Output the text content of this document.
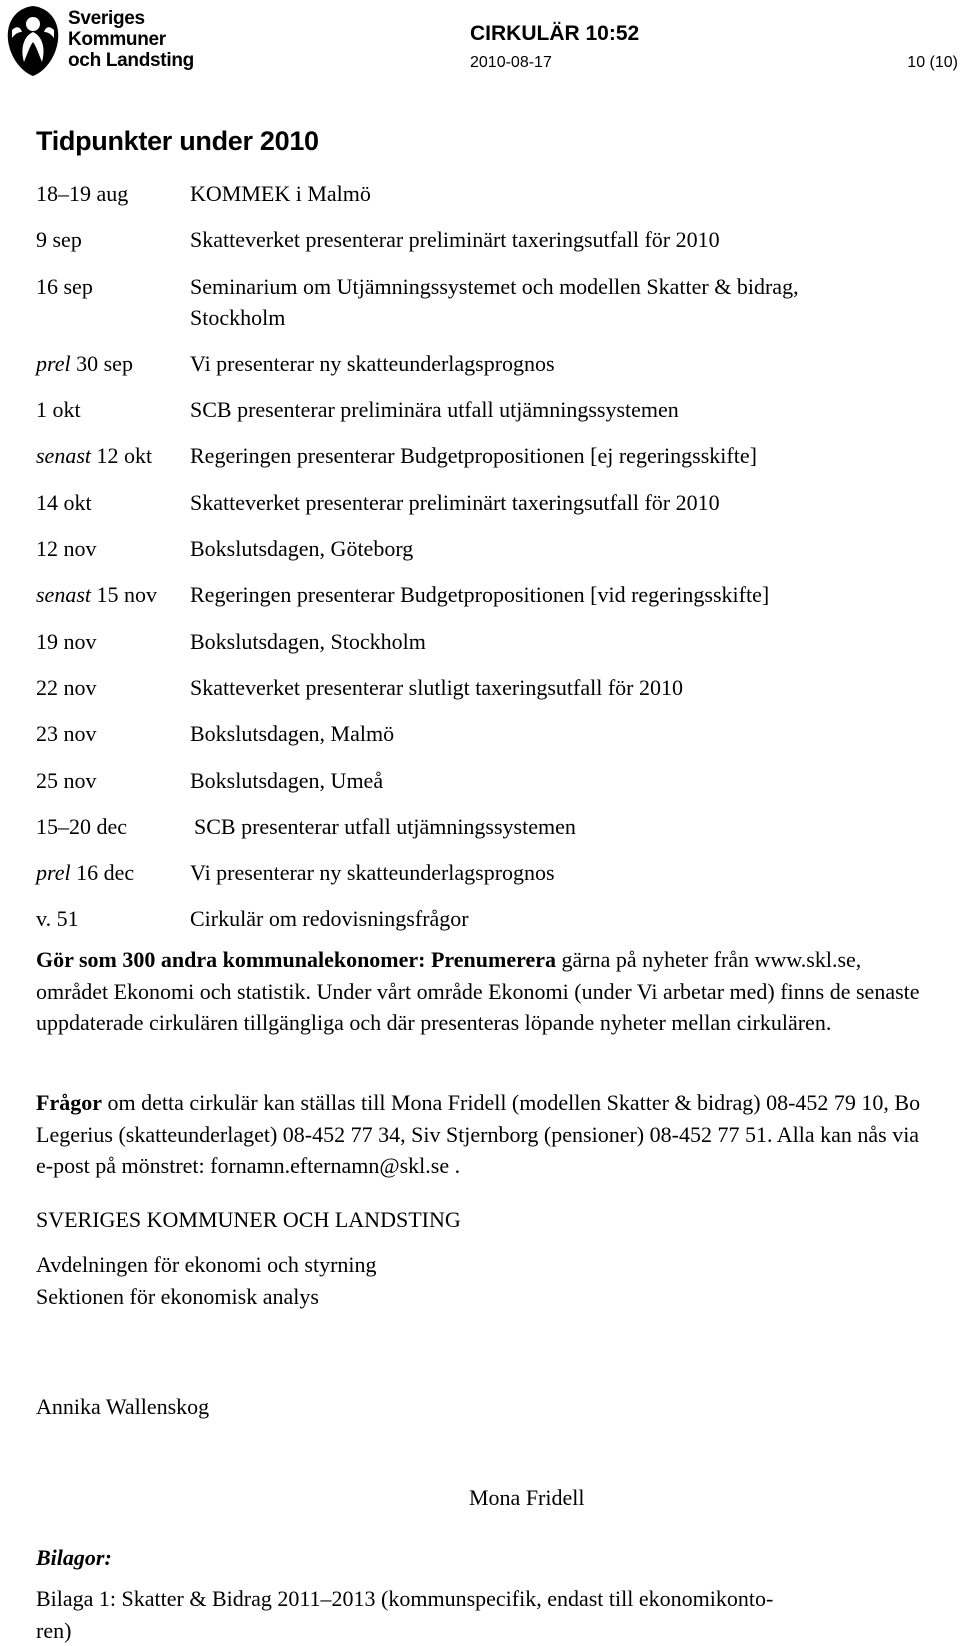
Sveriges
Kommuner
och Landsting
CIRKULÄR 10:52
2010-08-17	10 (10)
Tidpunkter under 2010
18–19 aug	KOMMEK i Malmö
9 sep	Skatteverket presenterar preliminärt taxeringsutfall för 2010
16 sep	Seminarium om Utjämningssystemet och modellen Skatter & bidrag,
Stockholm
prel 30 sep	Vi presenterar ny skatteunderlagsprognos
1 okt	SCB presenterar preliminära utfall utjämningssystemen
senast 12 okt Regeringen presenterar Budgetpropositionen [ej regeringsskifte]
14 okt	Skatteverket presenterar preliminärt taxeringsutfall för 2010
12 nov	Bokslutsdagen, Göteborg
senast 15 nov Regeringen presenterar Budgetpropositionen [vid regeringsskifte]
19 nov	Bokslutsdagen, Stockholm
22 nov	Skatteverket presenterar slutligt taxeringsutfall för 2010
23 nov	Bokslutsdagen, Malmö
25 nov	Bokslutsdagen, Umeå
15–20 dec	SCB presenterar utfall utjämningssystemen
prel 16 dec	Vi presenterar ny skatteunderlagsprognos
v. 51	Cirkulär om redovisningsfrågor
Gör som 300 andra kommunalekonomer: Prenumerera gärna på nyheter från www.skl.se, området Ekonomi och statistik. Under vårt område Ekonomi (under Vi arbetar med) finns de senaste uppdaterade cirkulären tillgängliga och där presenteras löpande nyheter mellan cirkulären.
Frågor om detta cirkulär kan ställas till Mona Fridell (modellen Skatter & bidrag) 08-452 79 10, Bo Legerius (skatteunderlaget) 08-452 77 34, Siv Stjernborg (pensioner) 08-452 77 51. Alla kan nås via e-post på mönstret: fornamn.efternamn@skl.se .
SVERIGES KOMMUNER OCH LANDSTING
Avdelningen för ekonomi och styrning
Sektionen för ekonomisk analys
Annika Wallenskog
Mona Fridell
Bilagor:
Bilaga 1: Skatter & Bidrag 2011–2013 (kommunspecifik, endast till ekonomikonto-
ren)
